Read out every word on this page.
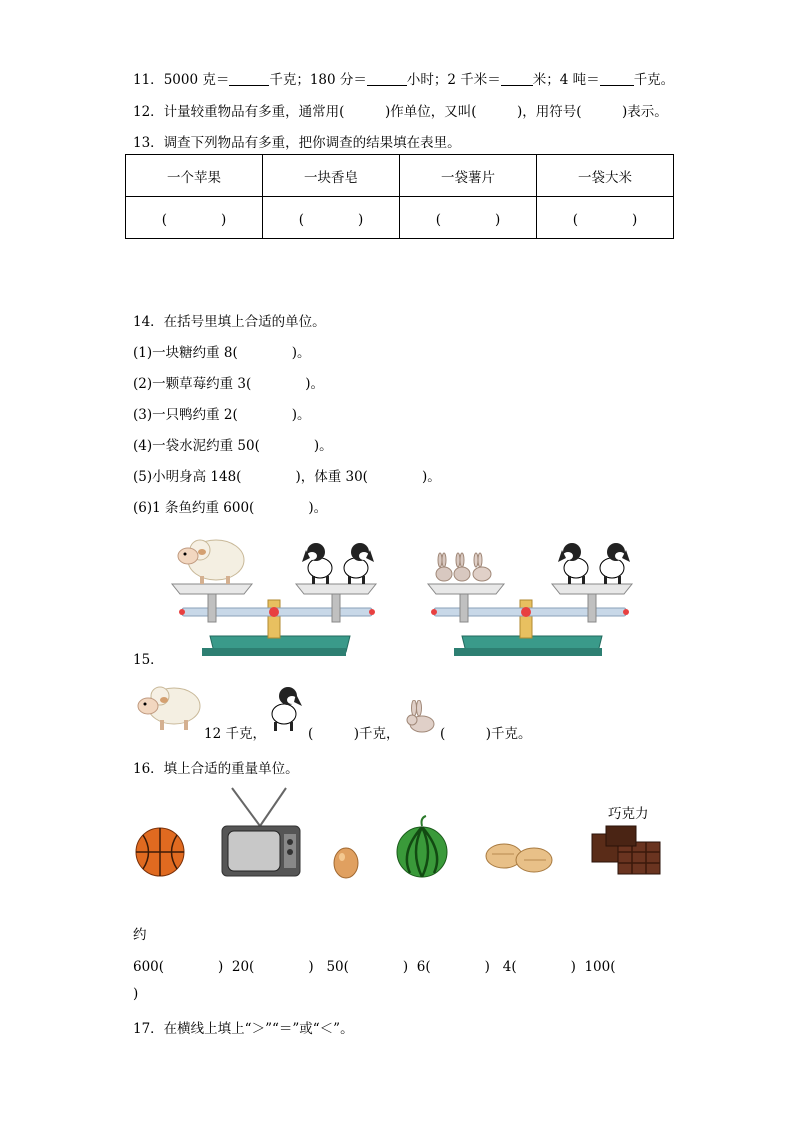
11．5000 克＝	千克；180 分＝	小时；2 千米＝ 米；4 吨＝	千克。
12．计量较重物品有多重，通常用(　　　)作单位，又叫(　　　)，用符号(　　　)表示。
13．调查下列物品有多重，把你调查的结果填在表里。
一个苹果	一块香皂	一袋薯片	一袋大米
(　　　　)	(　　　　)	(　　　　)	(　　　　)
14．在括号里填上合适的单位。
(1)一块糖约重 8(　　　　)。
(2)一颗草莓约重 3(　　　　)。
(3)一只鸭约重 2(　　　　)。
(4)一袋水泥约重 50(　　　　)。
(5)小明身高 148(　　　　)，体重 30(　　　　)。
(6)1 条鱼约重 600(　　　　)。
15．
12 千克，	(　　　)千克，	(　　　)千克。
16．填上合适的重量单位。
巧克力
约
600(　　　　)  20(　　　　)   50(　　　　)  6(　　　　)   4(　　　　)  100(
)
17．在横线上填上“＞”“＝”或“＜”。
